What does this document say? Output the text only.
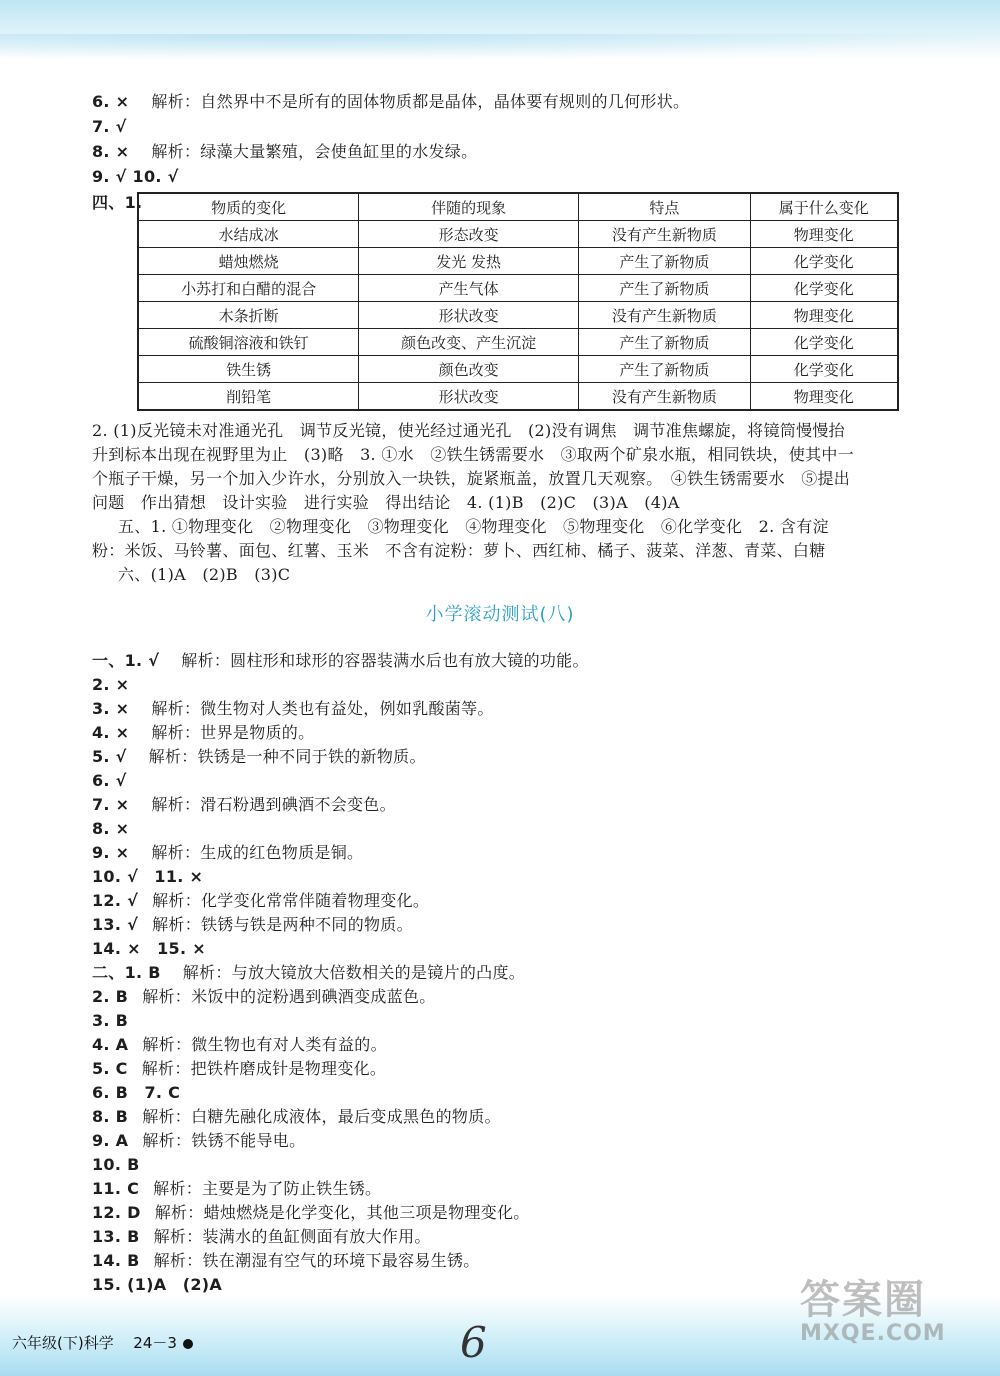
6. × 解析：自然界中不是所有的固体物质都是晶体，晶体要有规则的几何形状。
7. √
8. × 解析：绿藻大量繁殖，会使鱼缸里的水发绿。
9. √ 10. √
四、1.	物质的变化	伴随的现象	特点	属于什么变化
水结成冰	形态改变	没有产生新物质	物理变化
蜡烛燃烧	发光 发热	产生了新物质	化学变化
小苏打和白醋的混合	产生气体	产生了新物质	化学变化
木条折断	形状改变	没有产生新物质	物理变化
硫酸铜溶液和铁钉	颜色改变、产生沉淀	产生了新物质	化学变化
铁生锈	颜色改变	产生了新物质	化学变化
削铅笔	形状改变	没有产生新物质	物理变化
2. (1)反光镜未对准通光孔　调节反光镜，使光经过通光孔　(2)没有调焦　调节准焦螺旋，将镜筒慢慢抬
升到标本出现在视野里为止　(3)略　3. ①水　②铁生锈需要水　③取两个矿泉水瓶，相同铁块，使其中一
个瓶子干燥，另一个加入少许水，分别放入一块铁，旋紧瓶盖，放置几天观察。　④铁生锈需要水　⑤提出
问题　作出猜想　设计实验　进行实验　得出结论　4. (1)B　(2)C　(3)A　(4)A
五、1. ①物理变化　②物理变化　③物理变化　④物理变化　⑤物理变化　⑥化学变化　2. 含有淀
粉：米饭、马铃薯、面包、红薯、玉米　不含有淀粉：萝卜、西红柿、橘子、菠菜、洋葱、青菜、白糖
六、(1)A　(2)B　(3)C
小学滚动测试(八)
一、1. √ 解析：圆柱形和球形的容器装满水后也有放大镜的功能。
2. ×
3. × 解析：微生物对人类也有益处，例如乳酸菌等。
4. × 解析：世界是物质的。
5. √ 解析：铁锈是一种不同于铁的新物质。
6. √
7. × 解析：滑石粉遇到碘酒不会变色。
8. ×
9. × 解析：生成的红色物质是铜。
10. √　11. ×
12. √ 解析：化学变化常常伴随着物理变化。
13. √ 解析：铁锈与铁是两种不同的物质。
14. ×　15. ×
二、1. B 解析：与放大镜放大倍数相关的是镜片的凸度。
2. B 解析：米饭中的淀粉遇到碘酒变成蓝色。
3. B
4. A 解析：微生物也有对人类有益的。
5. C 解析：把铁杵磨成针是物理变化。
6. B　7. C
8. B 解析：白糖先融化成液体，最后变成黑色的物质。
9. A 解析：铁锈不能导电。
10. B
11. C 解析：主要是为了防止铁生锈。
12. D 解析：蜡烛燃烧是化学变化，其他三项是物理变化。
13. B 解析：装满水的鱼缸侧面有放大作用。
14. B 解析：铁在潮湿有空气的环境下最容易生锈。
15. (1)A　(2)A
六年级(下)科学 24－3	6
答案圈
MXQE.COM
